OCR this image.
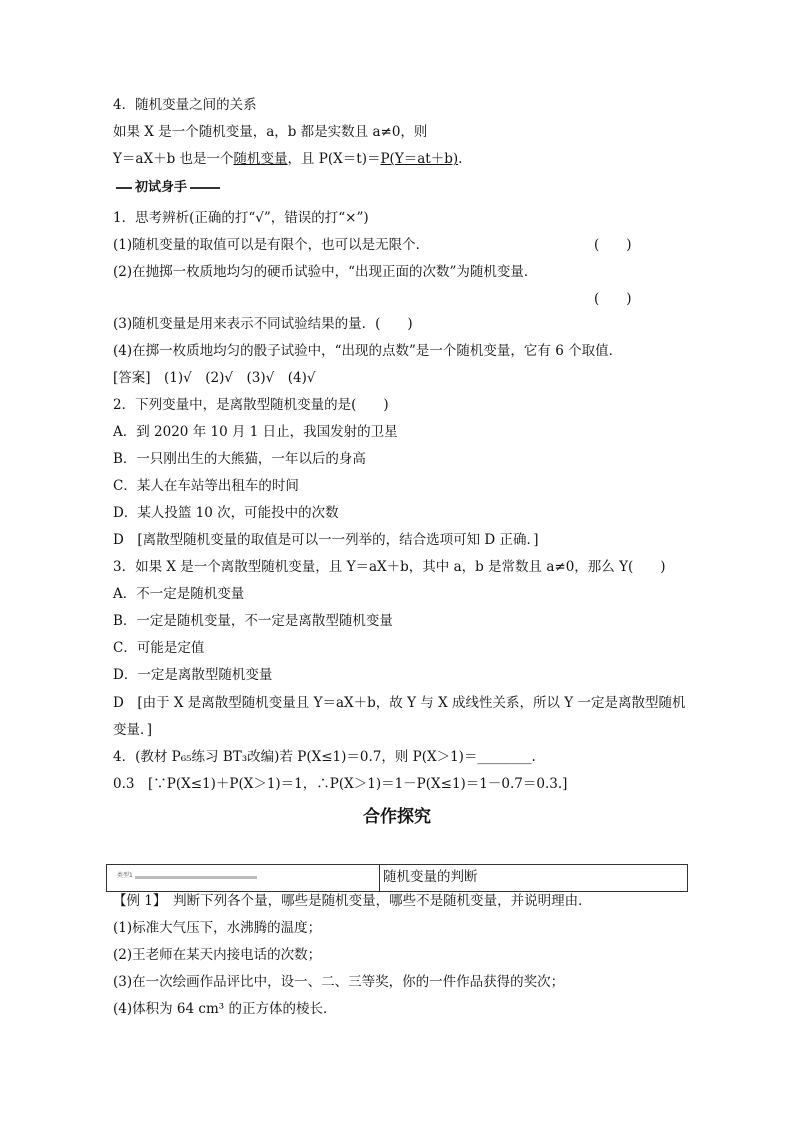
4．随机变量之间的关系
如果 X 是一个随机变量，a，b 都是实数且 a≠0，则
Y＝aX＋b 也是一个随机变量，且 P(X＝t)＝P(Y＝at＋b).
初试身手
1．思考辨析(正确的打“√”，错误的打“×”)
(1)随机变量的取值可以是有限个，也可以是无限个．	(　　)
(2)在抛掷一枚质地均匀的硬币试验中，“出现正面的次数”为随机变量．
(　　)
(3)随机变量是用来表示不同试验结果的量．(　　)
(4)在掷一枚质地均匀的骰子试验中，“出现的点数”是一个随机变量，它有 6 个取值．
[答案]　(1)√　(2)√　(3)√　(4)√
2．下列变量中，是离散型随机变量的是(　　)
A．到 2020 年 10 月 1 日止，我国发射的卫星
B．一只刚出生的大熊猫，一年以后的身高
C．某人在车站等出租车的时间
D．某人投篮 10 次，可能投中的次数
D　[离散型随机变量的取值是可以一一列举的，结合选项可知 D 正确．]
3．如果 X 是一个离散型随机变量，且 Y＝aX＋b，其中 a，b 是常数且 a≠0，那么 Y(　　)
A．不一定是随机变量
B．一定是随机变量，不一定是离散型随机变量
C．可能是定值
D．一定是离散型随机变量
D　[由于 X 是离散型随机变量且 Y＝aX＋b，故 Y 与 X 成线性关系，所以 Y 一定是离散型随机
变量．]
4．(教材 P₆₅练习 BT₃改编)若 P(X≤1)＝0.7，则 P(X＞1)＝________.
0.3　[∵P(X≤1)＋P(X＞1)＝1，∴P(X＞1)＝1－P(X≤1)＝1－0.7＝0.3.]
合作探究
类型1	随机变量的判断
【例 1】　判断下列各个量，哪些是随机变量，哪些不是随机变量，并说明理由．
(1)标准大气压下，水沸腾的温度；
(2)王老师在某天内接电话的次数；
(3)在一次绘画作品评比中，设一、二、三等奖，你的一件作品获得的奖次；
(4)体积为 64 cm³ 的正方体的棱长．
